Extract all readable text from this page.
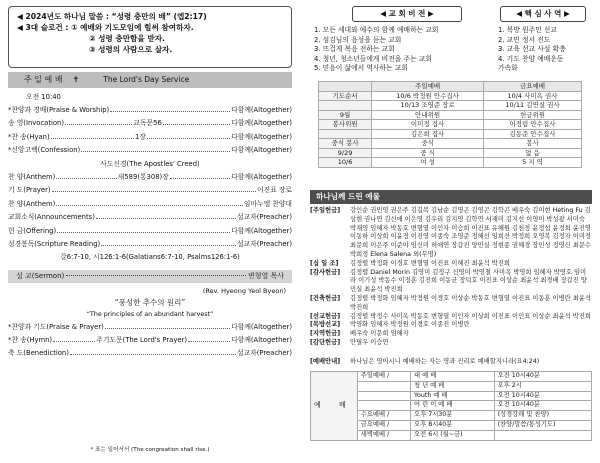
◀ 2024년도 하나님 말씀 : “성령 충만의 배” (엡2:17)
◀ 3대 슬로건 : ① 예배와 기도모임에 힘써 참여하자.
② 성령 충만함을 받자.
③ 성령의 사람으로 살자.
주 일 예 배 ✝	The Lord's Day Service
오전 10:40
*찬양과 경배(Praise & Worship)	다함께(Altogether)
송 영(Invocation)	교독문56	다함께(Altogether)
*찬 송(Hyan)	1장	다함께(Altogether)
*신앙고백(Confession)	다함께(Altogether)
사도신경(The Apostles' Creed)
찬 양(Anthem)	새589(통308)장	다함께(Altogether)
기 도(Prayer)	이진표 장로
찬 양(Anthem)	임마누엘 찬양대
교회소식(Announcements)	설교자(Preacher)
헌 금(Offering)	다함께(Altogether)
성경봉독(Scripture Reading)	설교자(Preacher)
갈6:7-10, 시126:1-6(Galatians6:7-10, Psalms126:1-6)
설 교(Sermon)	변형열 목사
(Rev. Hyeong Yeol Byeon)
“풍성한 추수의 원리”
“The principles of an abundant harvest”
*찬양과 기도(Praise & Prayer)	다함께(Altogether)
*찬 송(Hymn)	주기도문(The Lord's Prayer)	다함께(Altogether)
축 도(Benediction)	설교자(Preacher)
* 표는 일어서서 (The congreation shall rise.)
◀ 교 회 비 전 ▶
1. 모든 세대와 예수의 함께 예배하는 교회
2. 섬김님의 음성을 듣는 교회
3. 뜨겁게 복음 전하는 교회
4. 청년, 청소년들에게 비전을 주는 교회
5. 믿음이 삶에서 역사하는 교회
◀ 핵 심 사 역 ▶
1. 복방 원주민 선교
2. 교민 정서 전도
3. 교육 선교 사설 확충
4. 기도 찬양 예배운동
가속화
	주일예배	금요예배
기도순서	10/6 박정원 안수집사	10/4 사미옥 권사
	10/13 조영준 장로	10/11 김연실 권사
9월	안내위원	헌금위원
봉사위원	이미정 집사	이정림 안수집사
	김은희 집사	김동준 안수집사
중식 봉사	중식	봉사
9/29	중 식	없 음
10/6	여 성	5 지 역
하나님께 드린 예물
[주일헌금]	강인순 권민영 권은주 김길복 김남순 김명곤 김영곤 김학곤 배우숙 김미현 Heting Fu 김상현 권나연 김신애 이은영 김우리 김지영 김학연 서재미 김지선 이영미 박성광 서미숙 박재영 임혜자 박동호 변형열 이인자 이승희 이진표 유혜원 김천정 윤정섭 윤정희 윤진영 이동하 이상희 이윤정 이진영 이종숙 조영준 정혜선 임희선 박정희 오영복 김정자 이미정 최문희 이은주 이준이 임신미 허애연 장갑진 양민실 정현종 권혜경 장민성 정영신 최문수 박희정 Elena Salena 외(무명)
[십 일 조]	김정렬 박정화 이경호 변형열 이진표 이혜진 최윤석 박진희
[감사헌금]	김정렬 Daniel Morin 김영미 김정구 신영미 박영철 사미옥 박영희 임혜자 박영호 임미라 이기성 박동수 이정훈 김진희 이동균 장덕호 이진표 이상순 최윤석 최경배 장갑진 양민실 최윤석 박진희
[건축헌금]	김정렬 박정화 임혜자 박정원 이경호 이상순 박동호 변형열 이진표 이동훈 이병란 최윤석 박진희
[선교헌금]	김정렬 박정수 사미옥 박동호 변형열 이인자 이상희 이진표 이인표 이상순 최윤석 박진희
[목방선교]	박영화 임혜자 박정원 이경호 이종진 이병란
[지역헌금]	배우숙 이문희 임혜자
[감단헌금]	안필우 이승연
[예배안내]	하나님은 영이시니 예배하는 자는 영과 진리로 예배할지니라(요4:24)
예 배	주일예배 /	대 예 배	오전 10시40분
		청 년 예 배	오후 2시
		Youth 예 배	오전 10시40분
		어 린 이 예 배	오전 10시40분
	수요예배 /	오후 7시30분	(성경강해 및 찬양)
	금요예배 /	오후 8시40분	(찬양/말씀/통성기도)
	새벽예배 /	오전 6시 (월~금)	
